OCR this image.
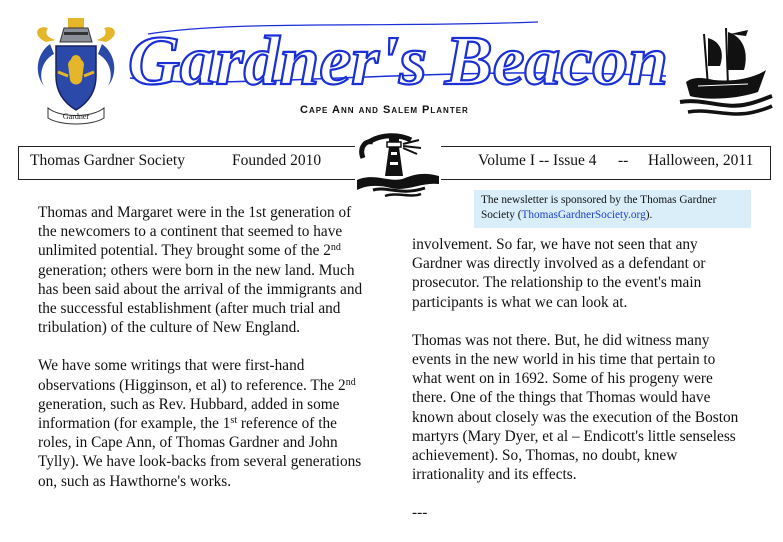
Gardner
Gardner's Beacon
Cape Ann and Salem Planter
Thomas Gardner Society	Founded 2010	Volume I -- Issue 4 -- Halloween, 2011
The newsletter is sponsored by the Thomas Gardner Society (ThomasGardnerSociety.org).

Thomas and Margaret were in the 1st generation of the newcomers to a continent that seemed to have unlimited potential. They brought some of the 2nd generation; others were born in the new land. Much has been said about the arrival of the immigrants and the successful establishment (after much trial and tribulation) of the culture of New England.

We have some writings that were first-hand observations (Higginson, et al) to reference. The 2nd generation, such as Rev. Hubbard, added in some information (for example, the 1st reference of the roles, in Cape Ann, of Thomas Gardner and John Tylly). We have look-backs from several generations on, such as Hawthorne's works.

involvement. So far, we have not seen that any Gardner was directly involved as a defendant or prosecutor. The relationship to the event's main participants is what we can look at.

Thomas was not there. But, he did witness many events in the new world in his time that pertain to what went on in 1692. Some of his progeny were there. One of the things that Thomas would have known about closely was the execution of the Boston martyrs (Mary Dyer, et al – Endicott's little senseless achievement). So, Thomas, no doubt, knew irrationality and its effects.

---
